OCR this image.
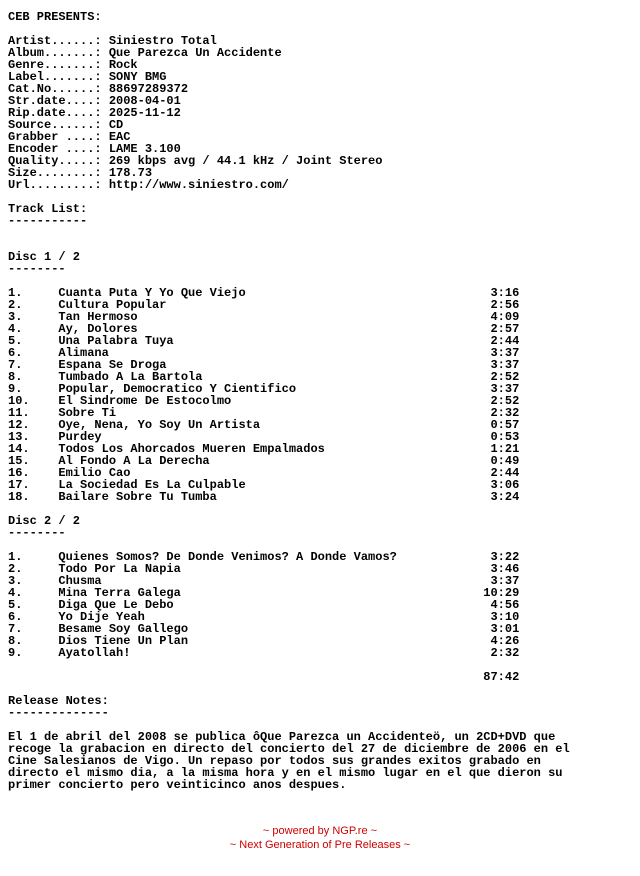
CEB PRESENTS:
Artist......: Siniestro Total
Album.......: Que Parezca Un Accidente
Genre.......: Rock
Label.......: SONY BMG
Cat.No......: 88697289372
Str.date....: 2008-04-01
Rip.date....: 2025-11-12
Source......: CD
Grabber ....: EAC
Encoder ....: LAME 3.100
Quality.....: 269 kbps avg / 44.1 kHz / Joint Stereo
Size........: 178.73
Url.........: http://www.siniestro.com/
Track List:
-----------
Disc 1 / 2
--------
1.     Cuanta Puta Y Yo Que Viejo                                  3:16
2.     Cultura Popular                                             2:56
3.     Tan Hermoso                                                 4:09
4.     Ay, Dolores                                                 2:57
5.     Una Palabra Tuya                                            2:44
6.     Alimana                                                     3:37
7.     Espana Se Droga                                             3:37
8.     Tumbado A La Bartola                                        2:52
9.     Popular, Democratico Y Cientifico                           3:37
10.    El Sindrome De Estocolmo                                    2:52
11.    Sobre Ti                                                    2:32
12.    Oye, Nena, Yo Soy Un Artista                                0:57
13.    Purdey                                                      0:53
14.    Todos Los Ahorcados Mueren Empalmados                       1:21
15.    Al Fondo A La Derecha                                       0:49
16.    Emilio Cao                                                  2:44
17.    La Sociedad Es La Culpable                                  3:06
18.    Bailare Sobre Tu Tumba                                      3:24
Disc 2 / 2
--------
1.     Quienes Somos? De Donde Venimos? A Donde Vamos?             3:22
2.     Todo Por La Napia                                           3:46
3.     Chusma                                                      3:37
4.     Mina Terra Galega                                          10:29
5.     Diga Que Le Debo                                            4:56
6.     Yo Dije Yeah                                                3:10
7.     Besame Soy Gallego                                          3:01
8.     Dios Tiene Un Plan                                          4:26
9.     Ayatollah!                                                  2:32
87:42
Release Notes:
--------------
El 1 de abril del 2008 se publica ôQue Parezca un Accidenteö, un 2CD+DVD que
recoge la grabacion en directo del concierto del 27 de diciembre de 2006 en el
Cine Salesianos de Vigo. Un repaso por todos sus grandes exitos grabado en
directo el mismo dia, a la misma hora y en el mismo lugar en el que dieron su
primer concierto pero veinticinco anos despues.
~ powered by NGP.re ~
~ Next Generation of Pre Releases ~
